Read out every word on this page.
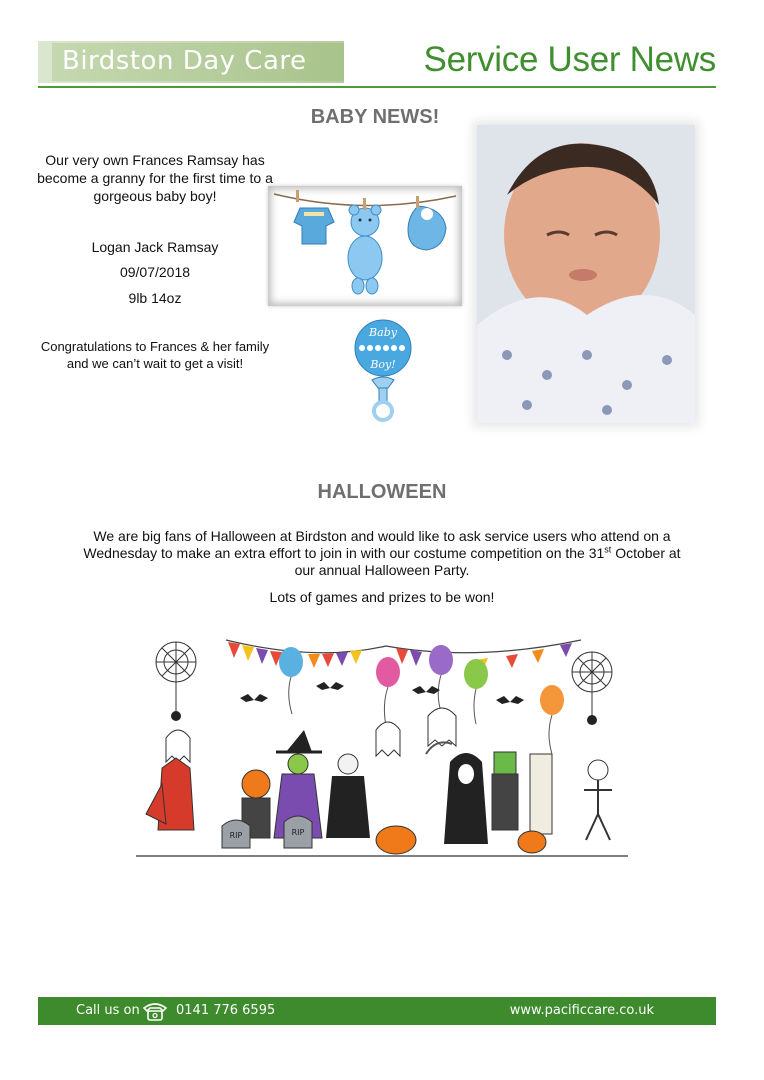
Birdston Day Care	Service User News
BABY NEWS!
Our very own Frances Ramsay has become a granny for the first time to a gorgeous baby boy!
Logan Jack Ramsay
09/07/2018
9lb 14oz
Congratulations to Frances & her family and we can’t wait to get a visit!
Baby
Boy!
HALLOWEEN
We are big fans of Halloween at Birdston and would like to ask service users who attend on a Wednesday to make an extra effort to join in with our costume competition on the 31st October at our annual Halloween Party.
Lots of games and prizes to be won!
RIP	RIP
Call us on	0141 776 6595	www.pacificcare.co.uk
